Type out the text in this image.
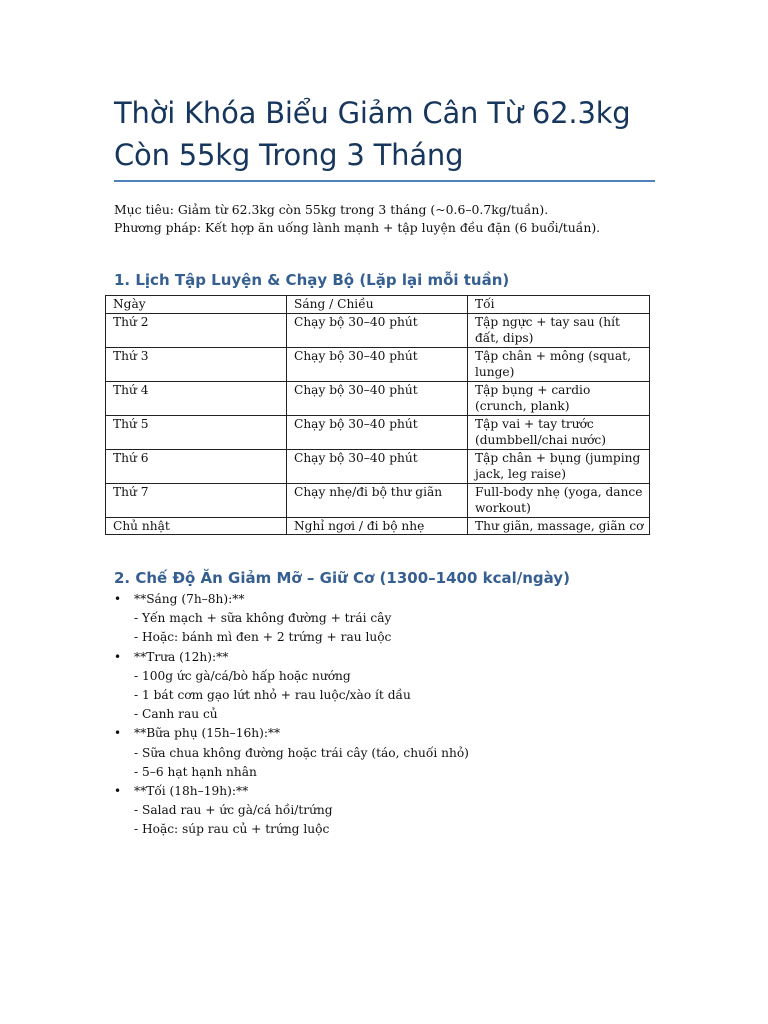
Thời Khóa Biểu Giảm Cân Từ 62.3kg Còn 55kg Trong 3 Tháng

Mục tiêu: Giảm từ 62.3kg còn 55kg trong 3 tháng (~0.6–0.7kg/tuần).

Phương pháp: Kết hợp ăn uống lành mạnh + tập luyện đều đặn (6 buổi/tuần).

1. Lịch Tập Luyện & Chạy Bộ (Lặp lại mỗi tuần)
Ngày	Sáng / Chiều	Tối
Thứ 2	Chạy bộ 30–40 phút	Tập ngực + tay sau (hít đất, dips)
Thứ 3	Chạy bộ 30–40 phút	Tập chân + mông (squat, lunge)
Thứ 4	Chạy bộ 30–40 phút	Tập bụng + cardio (crunch, plank)
Thứ 5	Chạy bộ 30–40 phút	Tập vai + tay trước (dumbbell/chai nước)
Thứ 6	Chạy bộ 30–40 phút	Tập chân + bụng (jumping jack, leg raise)
Thứ 7	Chạy nhẹ/đi bộ thư giãn	Full-body nhẹ (yoga, dance workout)
Chủ nhật	Nghỉ ngơi / đi bộ nhẹ	Thư giãn, massage, giãn cơ
2. Chế Độ Ăn Giảm Mỡ – Giữ Cơ (1300–1400 kcal/ngày)
• **Sáng (7h–8h):**
- Yến mạch + sữa không đường + trái cây
- Hoặc: bánh mì đen + 2 trứng + rau luộc
• **Trưa (12h):**
- 100g ức gà/cá/bò hấp hoặc nướng
- 1 bát cơm gạo lứt nhỏ + rau luộc/xào ít dầu
- Canh rau củ
• **Bữa phụ (15h–16h):**
- Sữa chua không đường hoặc trái cây (táo, chuối nhỏ)
- 5–6 hạt hạnh nhân
• **Tối (18h–19h):**
- Salad rau + ức gà/cá hồi/trứng
- Hoặc: súp rau củ + trứng luộc
